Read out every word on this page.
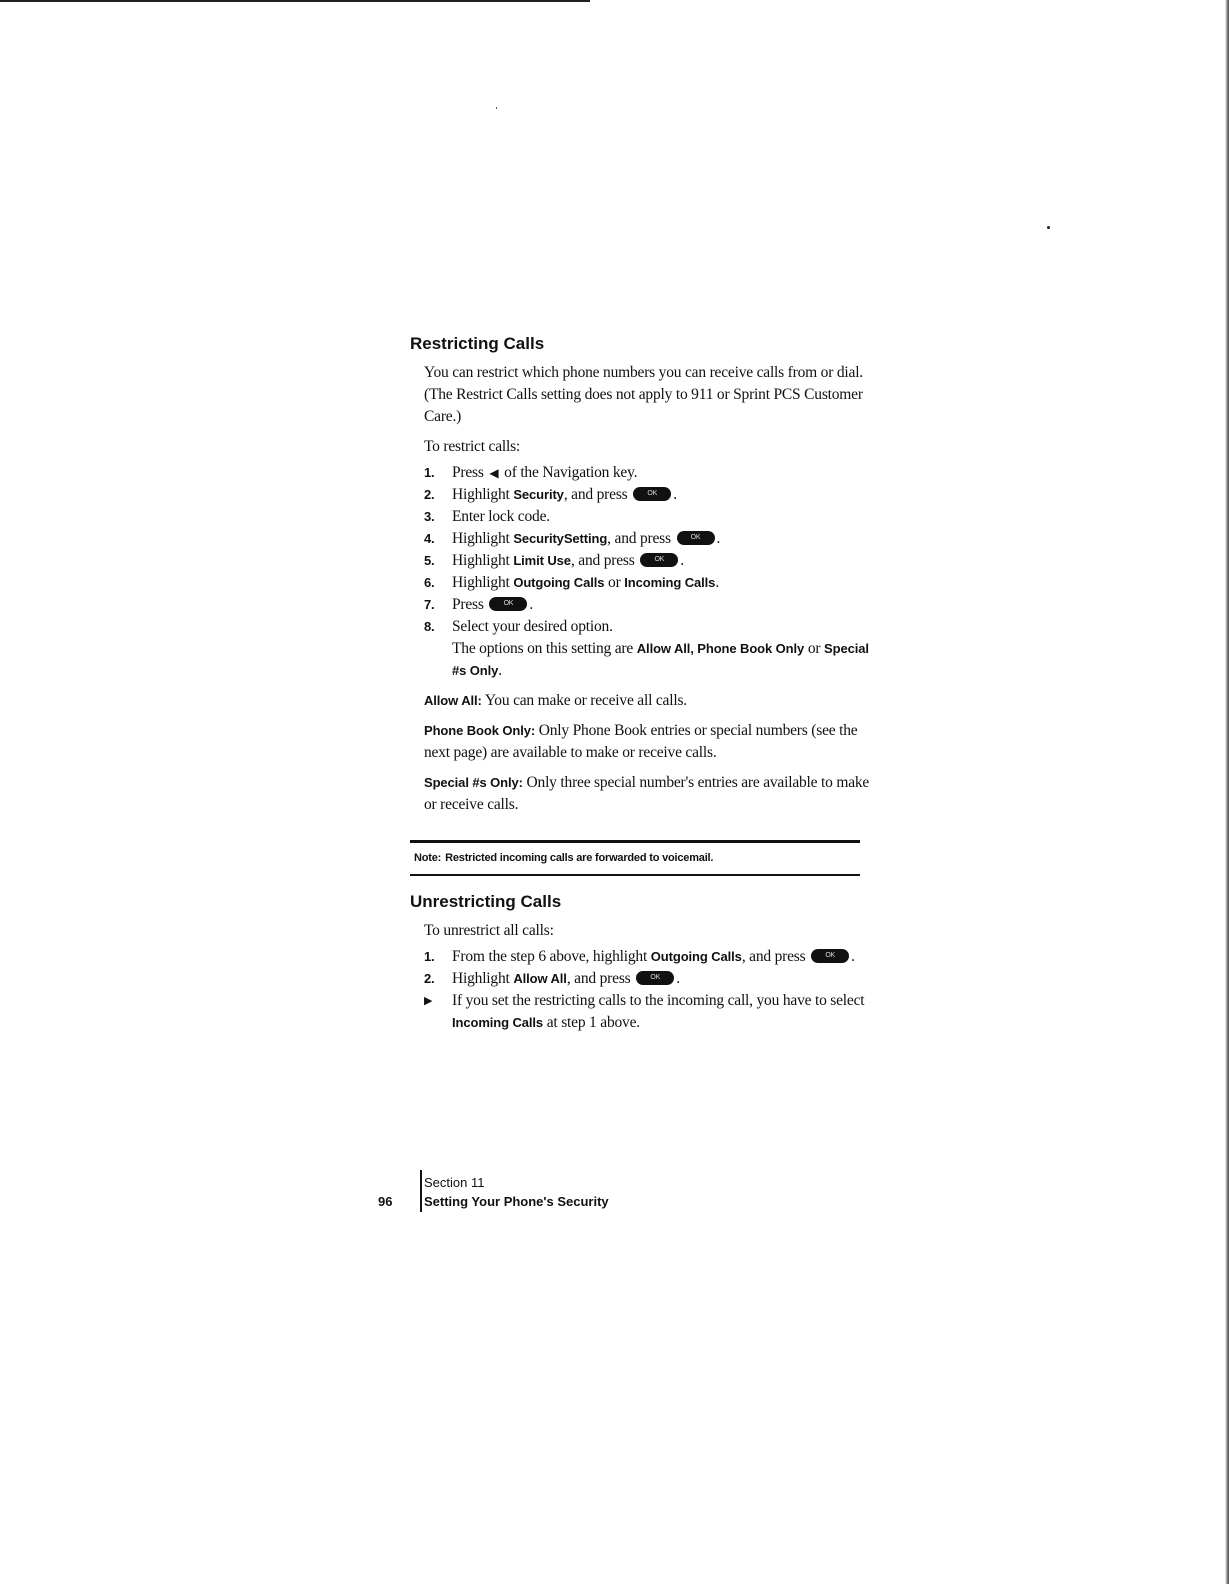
Restricting Calls

You can restrict which phone numbers you can receive calls from or dial. (The Restrict Calls setting does not apply to 911 or Sprint PCS Customer Care.)

To restrict calls:

1. Press ◀ of the Navigation key.
2. Highlight Security, and press	OK	.
3. Enter lock code.
4. Highlight SecuritySetting, and press	OK	.
5. Highlight Limit Use, and press	OK	.
6. Highlight Outgoing Calls or Incoming Calls.
7. Press	OK	.
8. Select your desired option.
The options on this setting are Allow All, Phone Book Only or Special #s Only.

Allow All: You can make or receive all calls.

Phone Book Only: Only Phone Book entries or special numbers (see the next page) are available to make or receive calls.

Special #s Only: Only three special number's entries are available to make or receive calls.

Note: Restricted incoming calls are forwarded to voicemail.
Unrestricting Calls

To unrestrict all calls:

1. From the step 6 above, highlight Outgoing Calls, and press	OK	.
2. Highlight Allow All, and press	OK	.
▶ If you set the restricting calls to the incoming call, you have to select Incoming Calls at step 1 above.
96
Section 11
Setting Your Phone's Security
